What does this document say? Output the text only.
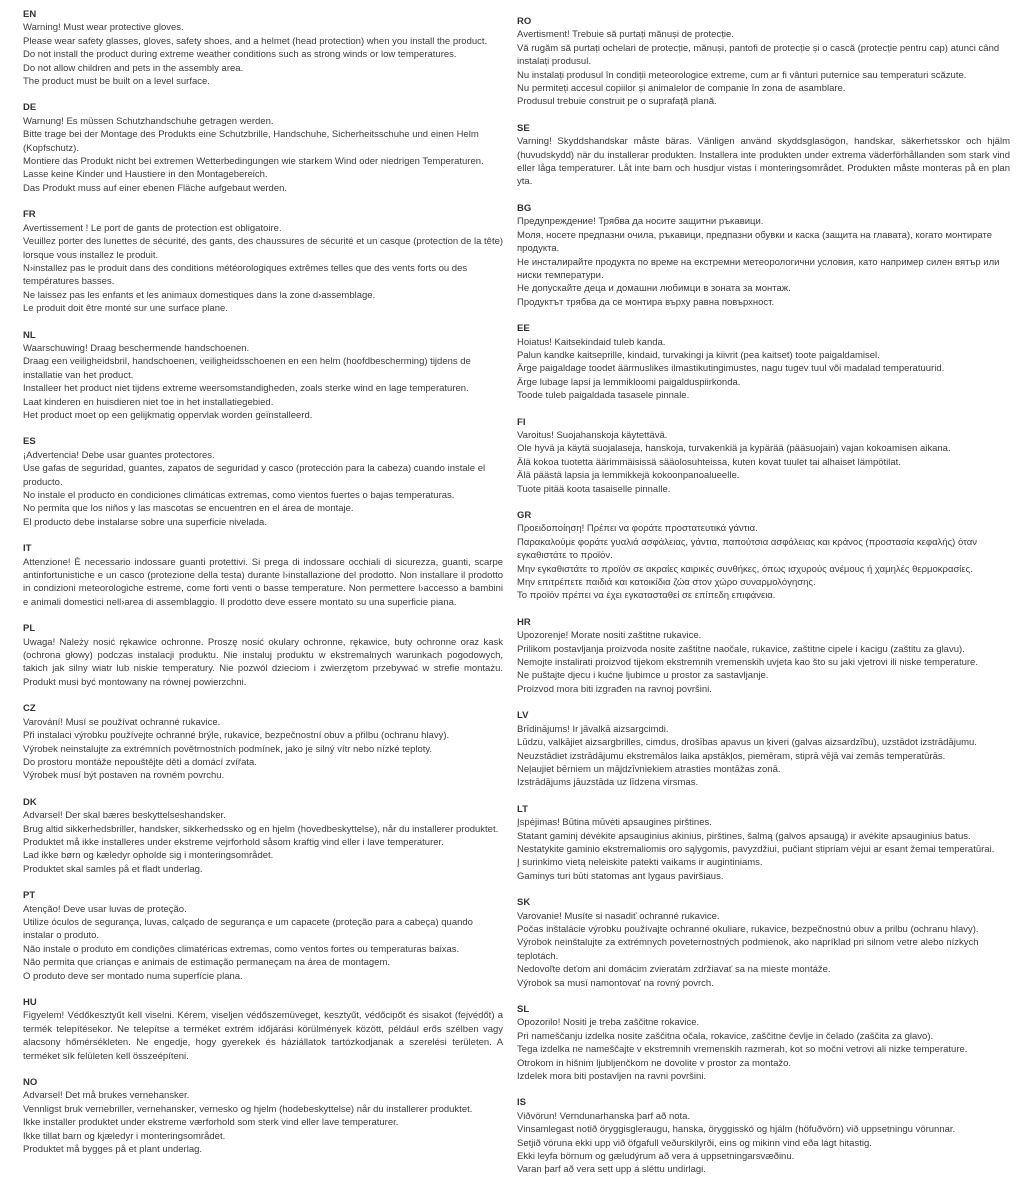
EN
Warning! Must wear protective gloves.
Please wear safety glasses, gloves, safety shoes, and a helmet (head protection) when you install the product.
Do not install the product during extreme weather conditions such as strong winds or low temperatures.
Do not allow children and pets in the assembly area.
The product must be built on a level surface.
DE
Warnung! Es müssen Schutzhandschuhe getragen werden.
Bitte trage bei der Montage des Produkts eine Schutzbrille, Handschuhe, Sicherheitsschuhe und einen Helm (Kopfschutz).
Montiere das Produkt nicht bei extremen Wetterbedingungen wie starkem Wind oder niedrigen Temperaturen.
Lasse keine Kinder und Haustiere in den Montagebereich.
Das Produkt muss auf einer ebenen Fläche aufgebaut werden.
FR
Avertissement ! Le port de gants de protection est obligatoire.
Veuillez porter des lunettes de sécurité, des gants, des chaussures de sécurité et un casque (protection de la tête) lorsque vous installez le produit.
N›installez pas le produit dans des conditions météorologiques extrêmes telles que des vents forts ou des températures basses.
Ne laissez pas les enfants et les animaux domestiques dans la zone d›assemblage.
Le produit doit être monté sur une surface plane.
NL
Waarschuwing! Draag beschermende handschoenen.
Draag een veiligheidsbril, handschoenen, veiligheidsschoenen en een helm (hoofdbescherming) tijdens de installatie van het product.
Installeer het product niet tijdens extreme weersomstandigheden, zoals sterke wind en lage temperaturen.
Laat kinderen en huisdieren niet toe in het installatiegebied.
Het product moet op een gelijkmatig oppervlak worden geïnstalleerd.
ES
¡Advertencia! Debe usar guantes protectores.
Use gafas de seguridad, guantes, zapatos de seguridad y casco (protección para la cabeza) cuando instale el producto.
No instale el producto en condiciones climáticas extremas, como vientos fuertes o bajas temperaturas.
No permita que los niños y las mascotas se encuentren en el área de montaje.
El producto debe instalarse sobre una superficie nivelada.
IT
Attenzione! È necessario indossare guanti protettivi. Si prega di indossare occhiali di sicurezza, guanti, scarpe antinfortunistiche e un casco (protezione della testa) durante l›installazione del prodotto. Non installare il prodotto in condizioni meteorologiche estreme, come forti venti o basse temperature. Non permettere l›accesso a bambini e animali domestici nell›area di assemblaggio. Il prodotto deve essere montato su una superficie piana.
PL
Uwaga! Należy nosić rękawice ochronne. Proszę nosić okulary ochronne, rękawice, buty ochronne oraz kask (ochrona głowy) podczas instalacji produktu. Nie instaluj produktu w ekstremalnych warunkach pogodowych, takich jak silny wiatr lub niskie temperatury. Nie pozwól dzieciom i zwierzętom przebywać w strefie montażu. Produkt musi być montowany na równej powierzchni.
CZ
Varování! Musí se používat ochranné rukavice.
Při instalaci výrobku používejte ochranné brýle, rukavice, bezpečnostní obuv a přilbu (ochranu hlavy).
Výrobek neinstalujte za extrémních povětrnostních podmínek, jako je silný vítr nebo nízké teploty.
Do prostoru montáže nepouštějte děti a domácí zvířata.
Výrobek musí být postaven na rovném povrchu.
DK
Advarsel! Der skal bæres beskyttelseshandsker.
Brug altid sikkerhedsbriller, handsker, sikkerhedssko og en hjelm (hovedbeskyttelse), når du installerer produktet.
Produktet må ikke installeres under ekstreme vejrforhold såsom kraftig vind eller i lave temperaturer.
Lad ikke børn og kæledyr opholde sig i monteringsområdet.
Produktet skal samles på et fladt underlag.
PT
Atenção! Deve usar luvas de proteção.
Utilize óculos de segurança, luvas, calçado de segurança e um capacete (proteção para a cabeça) quando instalar o produto.
Não instale o produto em condições climatéricas extremas, como ventos fortes ou temperaturas baixas.
Não permita que crianças e animais de estimação permaneçam na área de montagem.
O produto deve ser montado numa superfície plana.
HU
Figyelem! Védőkesztyűt kell viselni. Kérem, viseljen védőszemüveget, kesztyűt, védőcipőt és sisakot (fejvédőt) a termék telepítésekor. Ne telepítse a terméket extrém időjárási körülmények között, például erős szélben vagy alacsony hőmérsékleten. Ne engedje, hogy gyerekek és háziállatok tartózkodjanak a szerelési területen. A terméket sík felületen kell összeépíteni.
NO
Advarsel! Det må brukes vernehansker.
Vennligst bruk vernebriller, vernehansker, vernesko og hjelm (hodebeskyttelse) når du installerer produktet.
Ikke installer produktet under ekstreme værforhold som sterk vind eller lave temperaturer.
Ikke tillat barn og kjæledyr i monteringsområdet.
Produktet må bygges på et plant underlag.
RO
Avertisment! Trebuie să purtați mănuși de protecție.
Vă rugăm să purtați ochelari de protecție, mănuși, pantofi de protecție și o cască (protecție pentru cap) atunci când instalați produsul.
Nu instalați produsul în condiții meteorologice extreme, cum ar fi vânturi puternice sau temperaturi scăzute.
Nu permiteți accesul copiilor și animalelor de companie în zona de asamblare.
Produsul trebuie construit pe o suprafață plană.
SE
Varning! Skyddshandskar måste bäras. Vänligen använd skyddsglasögon, handskar, säkerhetsskor och hjälm (huvudskydd) när du installerar produkten. Installera inte produkten under extrema väderförhållanden som stark vind eller låga temperaturer. Låt inte barn och husdjur vistas i monteringsområdet. Produkten måste monteras på en plan yta.
BG
Предупреждение! Трябва да носите защитни ръкавици.
Моля, носете предпазни очила, ръкавици, предпазни обувки и каска (защита на главата), когато монтирате продукта.
Не инсталирайте продукта по време на екстремни метеорологични условия, като например силен вятър или ниски температури.
Не допускайте деца и домашни любимци в зоната за монтаж.
Продуктът трябва да се монтира върху равна повърхност.
EE
Hoiatus! Kaitsekindaid tuleb kanda.
Palun kandke kaitseprille, kindaid, turvakingi ja kiivrit (pea kaitset) toote paigaldamisel.
Ärge paigaldage toodet äärmuslikes ilmastikutingimustes, nagu tugev tuul või madalad temperatuurid.
Ärge lubage lapsi ja lemmikloomi paigalduspiirkonda.
Toode tuleb paigaldada tasasele pinnale.
FI
Varoitus! Suojahanskoja käytettävä.
Ole hyvä ja käytä suojalaseja, hanskoja, turvakenkiä ja kypärää (pääsuojain) vajan kokoamisen aikana.
Älä kokoa tuotetta äärimmäisissä sääolosuhteissa, kuten kovat tuulet tai alhaiset lämpötilat.
Älä päästä lapsia ja lemmikkejä kokoonpanoalueelle.
Tuote pitää koota tasaiselle pinnalle.
GR
Προειδοποίηση! Πρέπει να φοράτε προστατευτικά γάντια.
Παρακαλούμε φοράτε γυαλιά ασφάλειας, γάντια, παπούτσια ασφάλειας και κράνος (προστασία κεφαλής) όταν εγκαθιστάτε το προϊόν.
Μην εγκαθιστάτε το προϊόν σε ακραίες καιρικές συνθήκες, όπως ισχυρούς ανέμους ή χαμηλές θερμοκρασίες.
Μην επιτρέπετε παιδιά και κατοικίδια ζώα στον χώρο συναρμολόγησης.
Το προϊόν πρέπει να έχει εγκατασταθεί σε επίπεδη επιφάνεια.
HR
Upozorenje! Morate nositi zaštitne rukavice.
Prilikom postavljanja proizvoda nosite zaštitne naočale, rukavice, zaštitne cipele i kacigu (zaštitu za glavu).
Nemojte instalirati proizvod tijekom ekstremnih vremenskih uvjeta kao što su jaki vjetrovi ili niske temperature.
Ne puštajte djecu i kućne ljubimce u prostor za sastavljanje.
Proizvod mora biti izgrađen na ravnoj površini.
LV
Brīdinājums! Ir jāvalkā aizsargcimdi.
Lūdzu, valkājiet aizsargbrilles, cimdus, drošības apavus un ķiveri (galvas aizsardzību), uzstādot izstrādājumu.
Neuzstādiet izstrādājumu ekstremālos laika apstākļos, piemēram, stiprā vējā vai zemās temperatūrās.
Neļaujiet bērniem un mājdzīvniekiem atrasties montāžas zonā.
Izstrādājums jāuzstāda uz līdzena virsmas.
LT
Įspėjimas! Būtina mūvėti apsaugines pirštines.
Statant gaminį dėvėkite apsauginius akinius, pirštines, šalmą (galvos apsaugą) ir avėkite apsauginius batus.
Nestatykite gaminio ekstremaliomis oro sąlygomis, pavyzdžiui, pučiant stipriam vėjui ar esant žemai temperatūrai.
Į surinkimo vietą neleiskite patekti vaikams ir augintiniams.
Gaminys turi būti statomas ant lygaus paviršiaus.
SK
Varovanie! Musíte si nasadiť ochranné rukavice.
Počas inštalácie výrobku používajte ochranné okuliare, rukavice, bezpečnostnú obuv a prilbu (ochranu hlavy).
Výrobok neinštalujte za extrémnych poveternostných podmienok, ako napríklad pri silnom vetre alebo nízkych teplotách.
Nedovoľte deťom ani domácim zvieratám zdržiavať sa na mieste montáže.
Výrobok sa musí namontovať na rovný povrch.
SL
Opozorilo! Nositi je treba zaščitne rokavice.
Pri nameščanju izdelka nosite zaščitna očala, rokavice, zaščitne čevlje in čelado (zaščita za glavo).
Tega izdelka ne nameščajte v ekstremnih vremenskih razmerah, kot so močni vetrovi ali nizke temperature.
Otrokom in hišnim ljubljenčkom ne dovolite v prostor za montažo.
Izdelek mora biti postavljen na ravni površini.
IS
Viðvörun! Verndunarhanska þarf að nota.
Vinsamlegast notið öryggisgleraugu, hanska, öryggisskó og hjálm (höfuðvörn) við uppsetningu vörunnar.
Setjið vöruna ekki upp við öfgafull veðurskilyrði, eins og mikinn vind eða lágt hitastig.
Ekki leyfa börnum og gæludýrum að vera á uppsetningarsvæðinu.
Varan þarf að vera sett upp á sléttu undirlagi.
